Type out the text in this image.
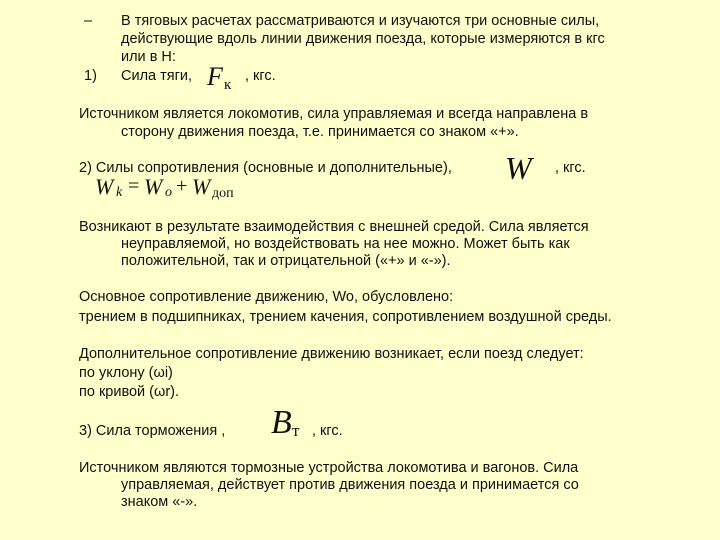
– В тяговых расчетах рассматриваются и изучаются три основные силы,
действующие вдоль линии движения поезда, которые измеряются в кгс
или в Н:
1) Сила тяги, F к
, кгс.
Источником является локомотив, сила управляемая и всегда направлена в
сторону движения поезда, т.е. принимается со знаком «+».
2) Силы сопротивления (основные и дополнительные), W , кгс.
W k = W o + W доп
Возникают в результате взаимодействия с внешней средой. Сила является
неуправляемой, но воздействовать на нее можно. Может быть как
положительной, так и отрицательной («+» и «‑»).
Основное сопротивление движению, Wo, обусловлено:
трением в подшипниках, трением качения, сопротивлением воздушной среды.
Дополнительное сопротивление движению возникает, если поезд следует:
по уклону (ωi)
по кривой (ωr).
3) Сила торможения , B т , кгс.
Источником являются тормозные устройства локомотива и вагонов. Сила
управляемая, действует против движения поезда и принимается со
знаком «‑».
